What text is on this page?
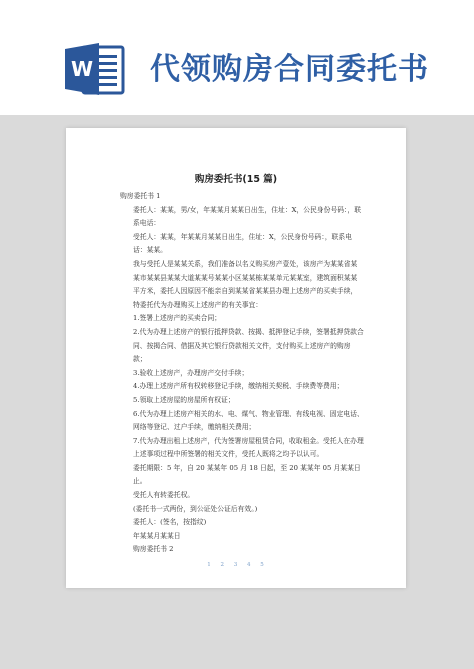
W 代领购房合同委托书
购房委托书(15 篇)

购房委托书 1

委托人：某某，男/女，年某某月某某日出生，住址：X，公民身份号码：，联系电话：

受托人：某某，年某某月某某日出生，住址：X，公民身份号码：，联系电话：某某。

我与受托人是某某关系，我们准备以名义购买房产壹处，该房产为某某省某某市某某县某某大道某某号某某小区某某栋某某单元某某室，建筑面积某某平方米，委托人因原因不能亲自到某某省某某县办理上述房产的买卖手续，特委托代为办理购买上述房产的有关事宜：

1.签署上述房产的买卖合同；

2.代为办理上述房产的银行抵押贷款、按揭、抵押登记手续，签署抵押贷款合同、按揭合同、借据及其它银行贷款相关文件，支付购买上述房产的购房款；

3.验收上述房产，办理房产交付手续；

4.办理上述房产所有权转移登记手续，缴纳相关契税、手续费等费用；

5.领取上述房屋的房屋所有权证；

6.代为办理上述房产相关的水、电、煤气、物业管理、有线电视、固定电话、网络等登记、过户手续，缴纳相关费用；

7.代为办理出租上述房产，代为签署房屋租赁合同，收取租金。受托人在办理上述事项过程中所签署的相关文件，受托人既将之均予以认可。

委托期限：5 年，自 20 某某年 05 月 18 日起，至 20 某某年 05 月某某日止。

受托人有转委托权。

(委托书一式两份，到公证处公证后有效。)

委托人：(签名，按指纹)

年某某月某某日

购房委托书 2

1 2 3 4 5
